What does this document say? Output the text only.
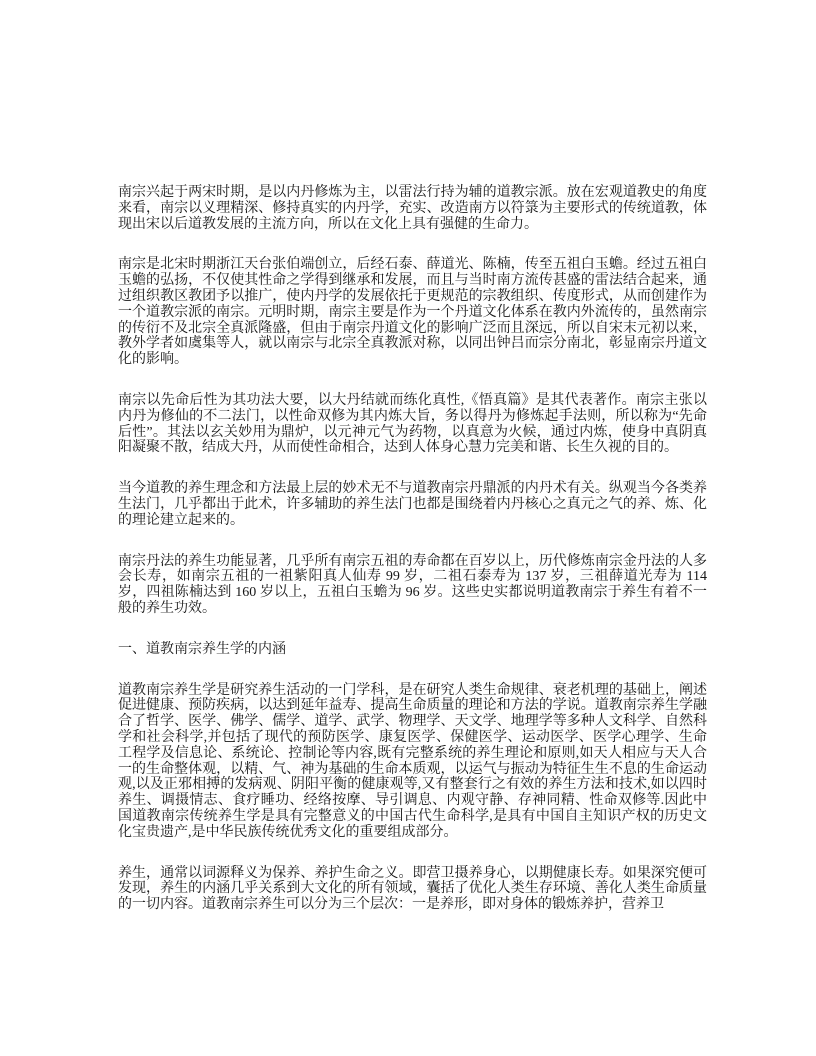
南宗兴起于两宋时期，是以内丹修炼为主，以雷法行持为辅的道教宗派。放在宏观道教史的角度来看，南宗以义理精深、修持真实的内丹学，充实、改造南方以符箓为主要形式的传统道教，体现出宋以后道教发展的主流方向，所以在文化上具有强健的生命力。
南宗是北宋时期浙江天台张伯端创立，后经石泰、薛道光、陈楠，传至五祖白玉蟾。经过五祖白玉蟾的弘扬，不仅使其性命之学得到继承和发展，而且与当时南方流传甚盛的雷法结合起来，通过组织教区教团予以推广，使内丹学的发展依托于更规范的宗教组织、传度形式，从而创建作为一个道教宗派的南宗。元明时期，南宗主要是作为一个丹道文化体系在教内外流传的，虽然南宗的传衍不及北宗全真派隆盛，但由于南宗丹道文化的影响广泛而且深远，所以自宋末元初以来，教外学者如虞集等人，就以南宗与北宗全真教派对称，以同出钟吕而宗分南北，彰显南宗丹道文化的影响。
南宗以先命后性为其功法大要，以大丹结就而练化真性,《悟真篇》是其代表著作。南宗主张以内丹为修仙的不二法门，以性命双修为其内炼大旨，务以得丹为修炼起手法则，所以称为“先命后性”。其法以玄关妙用为鼎炉，以元神元气为药物，以真意为火候，通过内炼，使身中真阴真阳凝聚不散，结成大丹，从而使性命相合，达到人体身心慧力完美和谐、长生久视的目的。
当今道教的养生理念和方法最上层的妙术无不与道教南宗丹鼎派的内丹术有关。纵观当今各类养生法门，几乎都出于此术，许多辅助的养生法门也都是围绕着内丹核心之真元之气的养、炼、化的理论建立起来的。
南宗丹法的养生功能显著，几乎所有南宗五祖的寿命都在百岁以上，历代修炼南宗金丹法的人多会长寿，如南宗五祖的一祖紫阳真人仙寿 99 岁，二祖石泰寿为 137 岁，三祖薛道光寿为 114 岁，四祖陈楠达到 160 岁以上，五祖白玉蟾为 96 岁。这些史实都说明道教南宗于养生有着不一般的养生功效。
一、道教南宗养生学的内涵
道教南宗养生学是研究养生活动的一门学科，是在研究人类生命规律、衰老机理的基础上，阐述促进健康、预防疾病，以达到延年益寿、提高生命质量的理论和方法的学说。道教南宗养生学融合了哲学、医学、佛学、儒学、道学、武学、物理学、天文学、地理学等多种人文科学、自然科学和社会科学,并包括了现代的预防医学、康复医学、保健医学、运动医学、医学心理学、生命工程学及信息论、系统论、控制论等内容,既有完整系统的养生理论和原则,如天人相应与天人合一的生命整体观，以精、气、神为基础的生命本质观，以运气与振动为特征生生不息的生命运动观,以及正邪相搏的发病观、阴阳平衡的健康观等,又有整套行之有效的养生方法和技术,如以四时养生、调摄情志、食疗睡功、经络按摩、导引调息、内观守静、存神同精、性命双修等.因此中国道教南宗传统养生学是具有完整意义的中国古代生命科学,是具有中国自主知识产权的历史文化宝贵遗产,是中华民族传统优秀文化的重要组成部分。
养生，通常以词源释义为保养、养护生命之义。即营卫摄养身心，以期健康长寿。如果深究便可发现，养生的内涵几乎关系到大文化的所有领域，囊括了优化人类生存环境、善化人类生命质量的一切内容。道教南宗养生可以分为三个层次：一是养形，即对身体的锻炼养护，营养卫
